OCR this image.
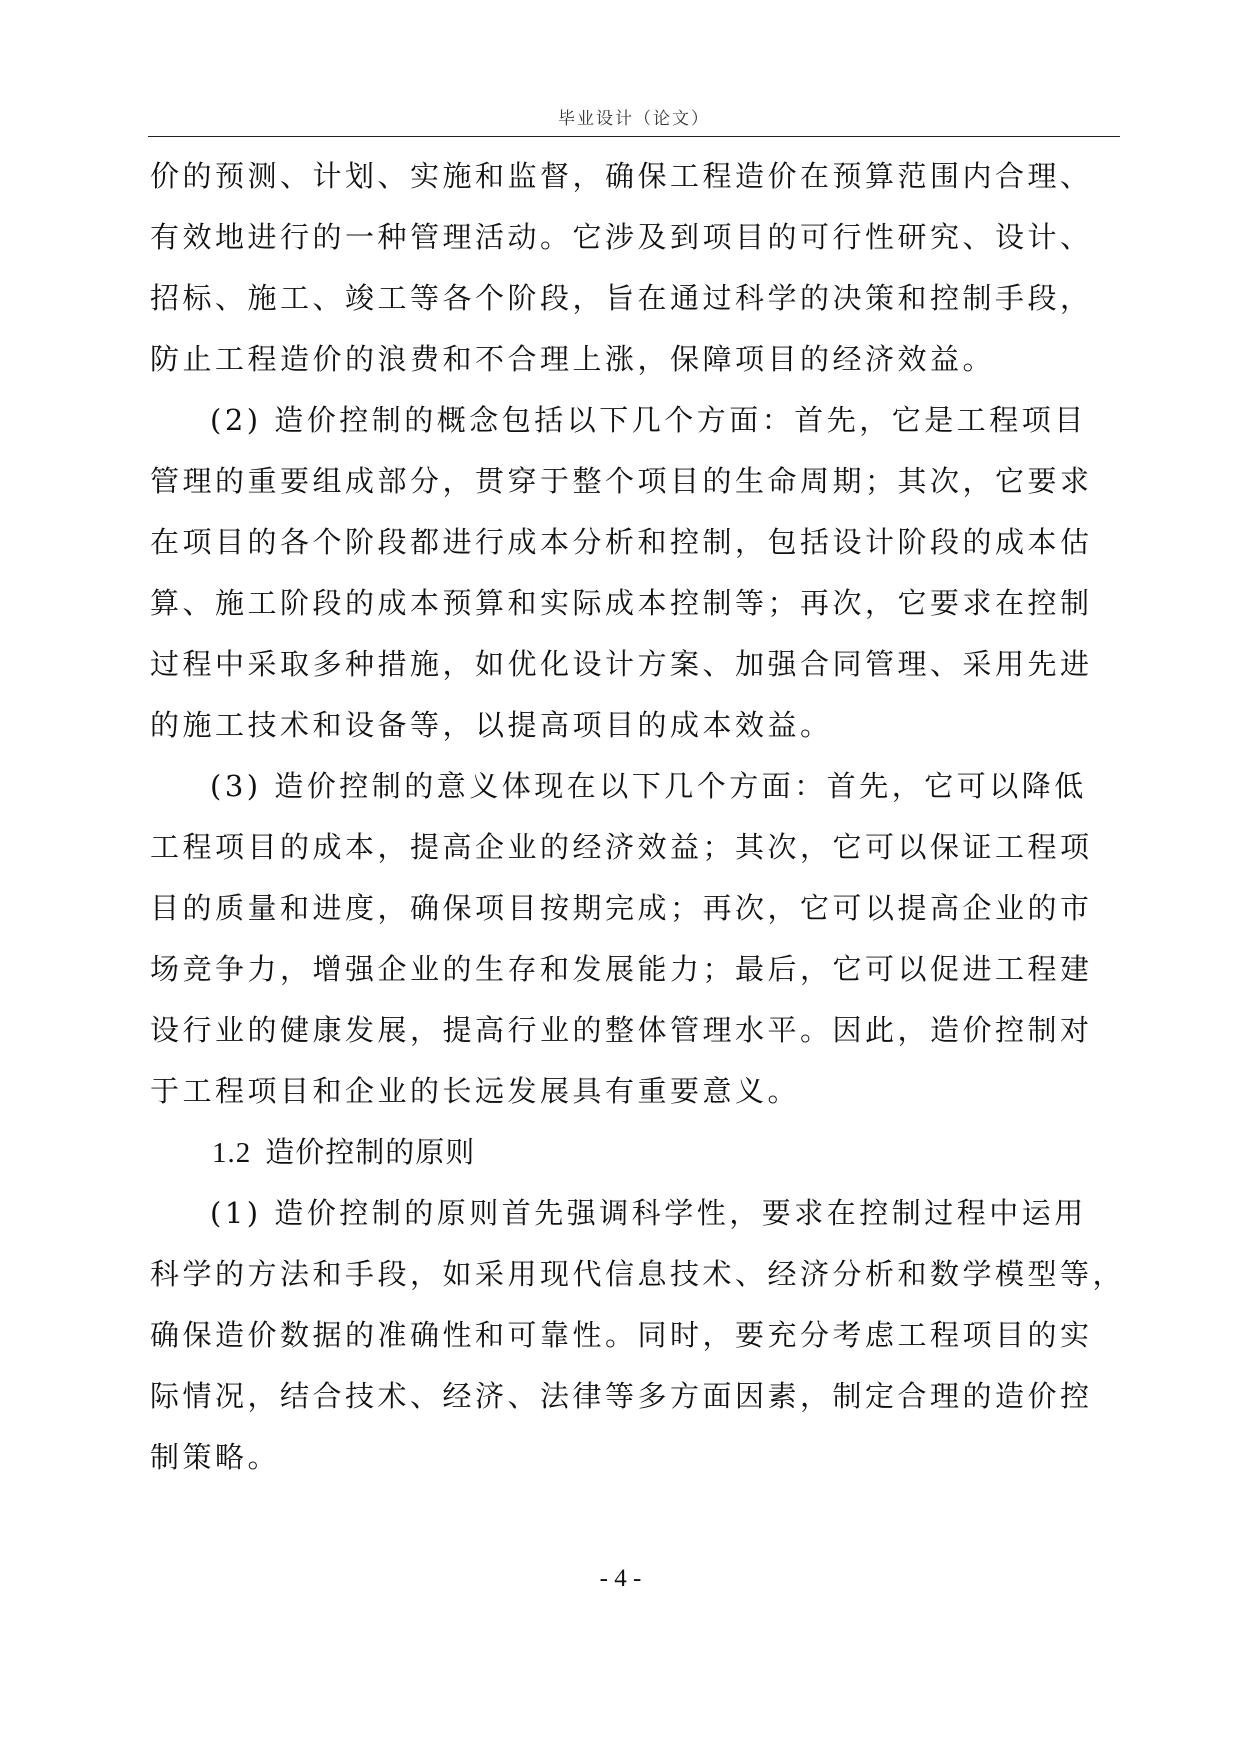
毕业设计（论文）
价的预测、计划、实施和监督，确保工程造价在预算范围内合理、
有效地进行的一种管理活动。它涉及到项目的可行性研究、设计、
招标、施工、竣工等各个阶段，旨在通过科学的决策和控制手段，
防止工程造价的浪费和不合理上涨，保障项目的经济效益。
(2) 造价控制的概念包括以下几个方面：首先，它是工程项目
管理的重要组成部分，贯穿于整个项目的生命周期；其次，它要求
在项目的各个阶段都进行成本分析和控制，包括设计阶段的成本估
算、施工阶段的成本预算和实际成本控制等；再次，它要求在控制
过程中采取多种措施，如优化设计方案、加强合同管理、采用先进
的施工技术和设备等，以提高项目的成本效益。
(3) 造价控制的意义体现在以下几个方面：首先，它可以降低
工程项目的成本，提高企业的经济效益；其次，它可以保证工程项
目的质量和进度，确保项目按期完成；再次，它可以提高企业的市
场竞争力，增强企业的生存和发展能力；最后，它可以促进工程建
设行业的健康发展，提高行业的整体管理水平。因此，造价控制对
于工程项目和企业的长远发展具有重要意义。
1.2 造价控制的原则
(1) 造价控制的原则首先强调科学性，要求在控制过程中运用
科学的方法和手段，如采用现代信息技术、经济分析和数学模型等，
确保造价数据的准确性和可靠性。同时，要充分考虑工程项目的实
际情况，结合技术、经济、法律等多方面因素，制定合理的造价控
制策略。
- 4 -
